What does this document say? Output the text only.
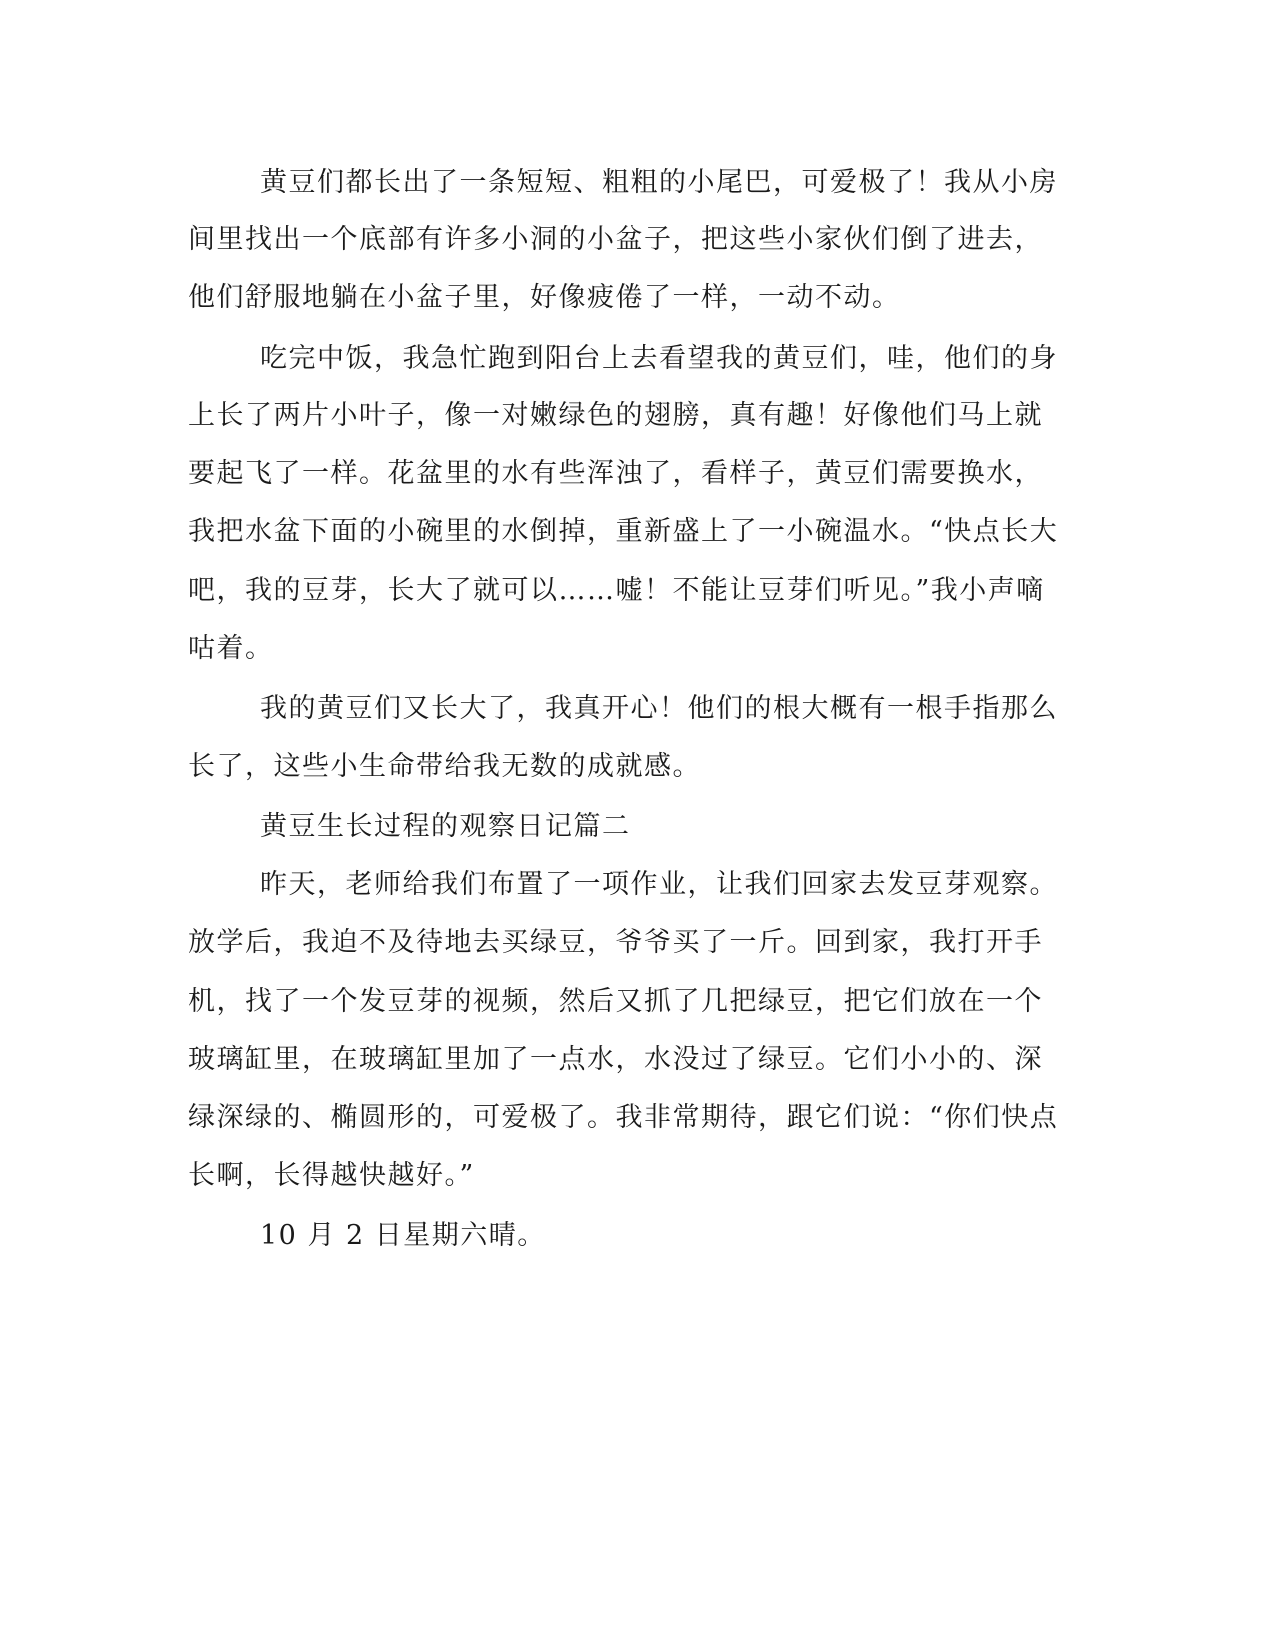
黄豆们都长出了一条短短、粗粗的小尾巴，可爱极了！我从小房
间里找出一个底部有许多小洞的小盆子，把这些小家伙们倒了进去，
他们舒服地躺在小盆子里，好像疲倦了一样，一动不动。
吃完中饭，我急忙跑到阳台上去看望我的黄豆们，哇，他们的身
上长了两片小叶子，像一对嫩绿色的翅膀，真有趣！好像他们马上就
要起飞了一样。花盆里的水有些浑浊了，看样子，黄豆们需要换水，
我把水盆下面的小碗里的水倒掉，重新盛上了一小碗温水。“快点长大
吧，我的豆芽，长大了就可以……嘘！不能让豆芽们听见。”我小声嘀
咕着。
我的黄豆们又长大了，我真开心！他们的根大概有一根手指那么
长了，这些小生命带给我无数的成就感。
黄豆生长过程的观察日记篇二
昨天，老师给我们布置了一项作业，让我们回家去发豆芽观察。
放学后，我迫不及待地去买绿豆，爷爷买了一斤。回到家，我打开手
机，找了一个发豆芽的视频，然后又抓了几把绿豆，把它们放在一个
玻璃缸里，在玻璃缸里加了一点水，水没过了绿豆。它们小小的、深
绿深绿的、椭圆形的，可爱极了。我非常期待，跟它们说：“你们快点
长啊，长得越快越好。”
10 月 2 日星期六晴。
